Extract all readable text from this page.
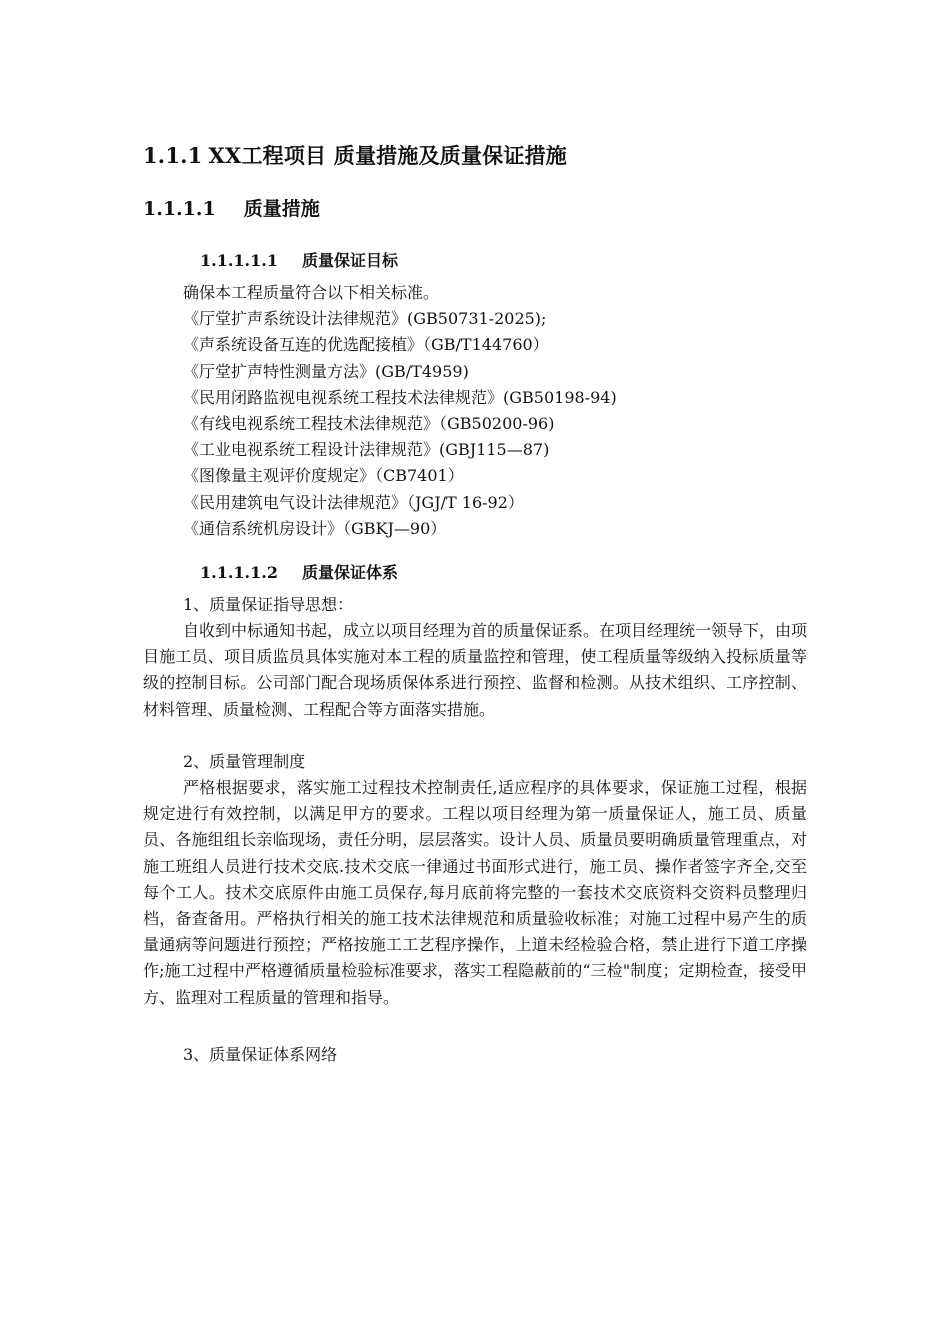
1.1.1 XX工程项目 质量措施及质量保证措施
1.1.1.1 质量措施
1.1.1.1.1 质量保证目标
确保本工程质量符合以下相关标准。
《厅堂扩声系统设计法律规范》(GB50731-2025);
《声系统设备互连的优选配接植》（GB/T144760）
《厅堂扩声特性测量方法》(GB/T4959)
《民用闭路监视电视系统工程技术法律规范》(GB50198-94)
《有线电视系统工程技术法律规范》（GB50200-96)
《工业电视系统工程设计法律规范》(GBJ115—87)
《图像量主观评价度规定》（CB7401）
《民用建筑电气设计法律规范》（JGJ/T 16-92）
《通信系统机房设计》（GBKJ—90）
1.1.1.1.2 质量保证体系
1、质量保证指导思想：
自收到中标通知书起，成立以项目经理为首的质量保证系。在项目经理统一领导下，由项目施工员、项目质监员具体实施对本工程的质量监控和管理，使工程质量等级纳入投标质量等级的控制目标。公司部门配合现场质保体系进行预控、监督和检测。从技术组织、工序控制、材料管理、质量检测、工程配合等方面落实措施。
2、质量管理制度
严格根据要求，落实施工过程技术控制责任,适应程序的具体要求，保证施工过程，根据规定进行有效控制，以满足甲方的要求。工程以项目经理为第一质量保证人，施工员、质量员、各施组组长亲临现场，责任分明，层层落实。设计人员、质量员要明确质量管理重点，对施工班组人员进行技术交底.技术交底一律通过书面形式进行，施工员、操作者签字齐全,交至每个工人。技术交底原件由施工员保存,每月底前将完整的一套技术交底资料交资料员整理归档，备查备用。严格执行相关的施工技术法律规范和质量验收标准；对施工过程中易产生的质量通病等问题进行预控；严格按施工工艺程序操作，上道未经检验合格，禁止进行下道工序操作;施工过程中严格遵循质量检验标准要求，落实工程隐蔽前的“三检"制度；定期检查，接受甲方、监理对工程质量的管理和指导。
3、质量保证体系网络
